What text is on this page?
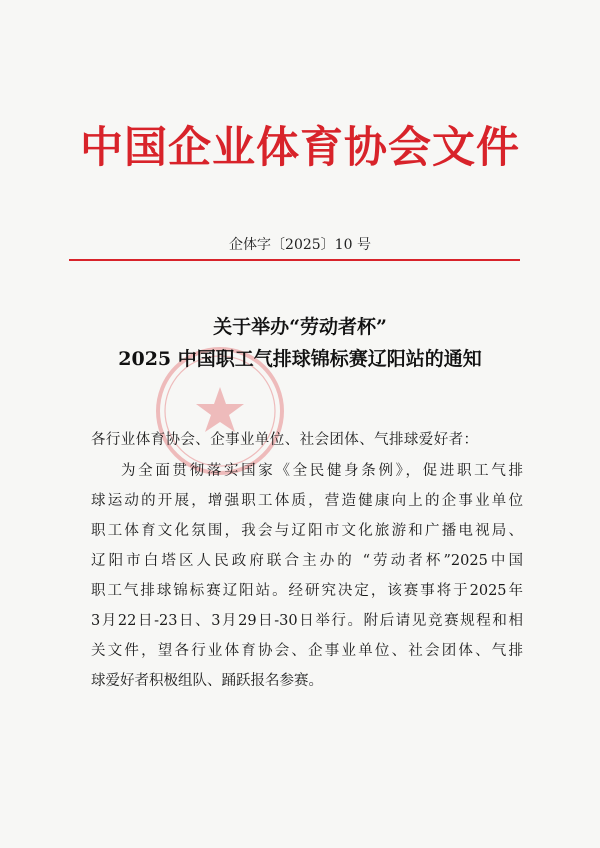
中国企业体育协会文件
企体字〔2025〕10 号
关于举办“劳动者杯”
2025 中国职工气排球锦标赛辽阳站的通知
各行业体育协会、企事业单位、社会团体、气排球爱好者：
为全面贯彻落实国家《全民健身条例》，促进职工气排
球运动的开展，增强职工体质，营造健康向上的企事业单位
职工体育文化氛围，我会与辽阳市文化旅游和广播电视局、
辽阳市白塔区人民政府联合主办的 “劳动者杯”2025中国
职工气排球锦标赛辽阳站。经研究决定，该赛事将于2025年
3月22日-23日、3月29日-30日举行。附后请见竞赛规程和相
关文件，望各行业体育协会、企事业单位、社会团体、气排
球爱好者积极组队、踊跃报名参赛。
